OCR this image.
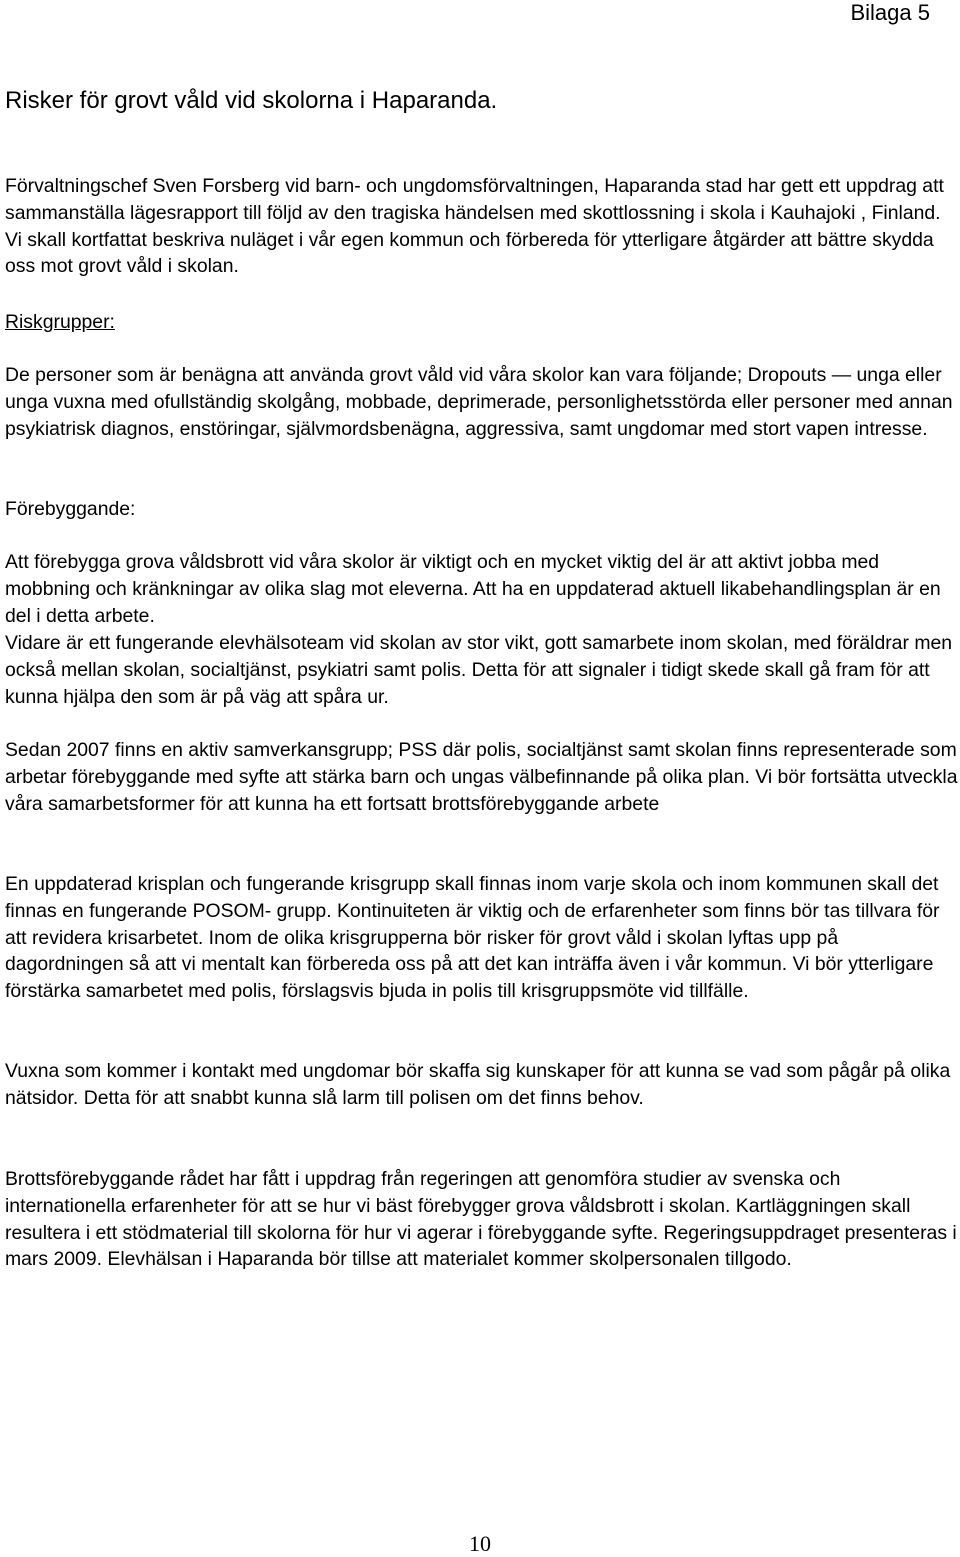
Bilaga 5
Risker för grovt våld vid skolorna i Haparanda.

Förvaltningschef Sven Forsberg vid barn- och ungdomsförvaltningen, Haparanda stad har gett ett uppdrag att sammanställa lägesrapport till följd av den tragiska händelsen med skottlossning i skola i Kauhajoki , Finland. Vi skall kortfattat beskriva nuläget i vår egen kommun och förbereda för ytterligare åtgärder att bättre skydda oss mot grovt våld i skolan.

Riskgrupper:

De personer som är benägna att använda grovt våld vid våra skolor kan vara följande; Dropouts — unga eller unga vuxna med ofullständig skolgång, mobbade, deprimerade, personlighetsstörda eller personer med annan psykiatrisk diagnos, enstöringar, självmordsbenägna, aggressiva, samt ungdomar med stort vapen intresse.

Förebyggande:

Att förebygga grova våldsbrott vid våra skolor är viktigt och en mycket viktig del är att aktivt jobba med mobbning och kränkningar av olika slag mot eleverna. Att ha en uppdaterad aktuell likabehandlingsplan är en del i detta arbete.

Vidare är ett fungerande elevhälsoteam vid skolan av stor vikt, gott samarbete inom skolan, med föräldrar men också mellan skolan, socialtjänst, psykiatri samt polis. Detta för att signaler i tidigt skede skall gå fram för att kunna hjälpa den som är på väg att spåra ur.

Sedan 2007 finns en aktiv samverkansgrupp; PSS där polis, socialtjänst samt skolan finns representerade som arbetar förebyggande med syfte att stärka barn och ungas välbefinnande på olika plan. Vi bör fortsätta utveckla våra samarbetsformer för att kunna ha ett fortsatt brottsförebyggande arbete

En uppdaterad krisplan och fungerande krisgrupp skall finnas inom varje skola och inom kommunen skall det finnas en fungerande POSOM- grupp. Kontinuiteten är viktig och de erfarenheter som finns bör tas tillvara för att revidera krisarbetet. Inom de olika krisgrupperna bör risker för grovt våld i skolan lyftas upp på dagordningen så att vi mentalt kan förbereda oss på att det kan inträffa även i vår kommun. Vi bör ytterligare förstärka samarbetet med polis, förslagsvis bjuda in polis till krisgruppsmöte vid tillfälle.

Vuxna som kommer i kontakt med ungdomar bör skaffa sig kunskaper för att kunna se vad som pågår på olika nätsidor. Detta för att snabbt kunna slå larm till polisen om det finns behov.

Brottsförebyggande rådet har fått i uppdrag från regeringen att genomföra studier av svenska och internationella erfarenheter för att se hur vi bäst förebygger grova våldsbrott i skolan. Kartläggningen skall resultera i ett stödmaterial till skolorna för hur vi agerar i förebyggande syfte. Regeringsuppdraget presenteras i mars 2009. Elevhälsan i Haparanda bör tillse att materialet kommer skolpersonalen tillgodo.

10
